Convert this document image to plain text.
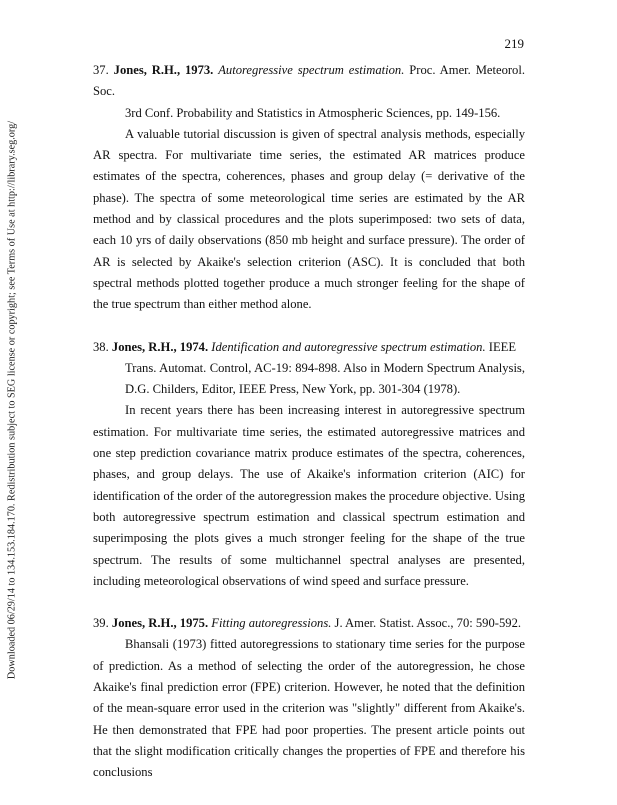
Downloaded 06/29/14 to 134.153.184.170. Redistribution subject to SEG license or copyright; see Terms of Use at http://library.seg.org/
219

37. Jones, R.H., 1973. Autoregressive spectrum estimation. Proc. Amer. Meteorol. Soc.

3rd Conf. Probability and Statistics in Atmospheric Sciences, pp. 149-156.

A valuable tutorial discussion is given of spectral analysis methods, especially AR spectra. For multivariate time series, the estimated AR matrices produce estimates of the spectra, coherences, phases and group delay (= derivative of the phase). The spectra of some meteorological time series are estimated by the AR method and by classical procedures and the plots superimposed: two sets of data, each 10 yrs of daily observations (850 mb height and surface pressure). The order of AR is selected by Akaike's selection criterion (ASC). It is concluded that both spectral methods plotted together produce a much stronger feeling for the shape of the true spectrum than either method alone.

38. Jones, R.H., 1974. Identification and autoregressive spectrum estimation. IEEE

Trans. Automat. Control, AC-19: 894-898. Also in Modern Spectrum Analysis, D.G. Childers, Editor, IEEE Press, New York, pp. 301-304 (1978).

In recent years there has been increasing interest in autoregressive spectrum estimation. For multivariate time series, the estimated autoregressive matrices and one step prediction covariance matrix produce estimates of the spectra, coherences, phases, and group delays. The use of Akaike's information criterion (AIC) for identification of the order of the autoregression makes the procedure objective. Using both autoregressive spectrum estimation and classical spectrum estimation and superimposing the plots gives a much stronger feeling for the shape of the true spectrum. The results of some multichannel spectral analyses are presented, including meteorological observations of wind speed and surface pressure.

39. Jones, R.H., 1975. Fitting autoregressions. J. Amer. Statist. Assoc., 70: 590-592.

Bhansali (1973) fitted autoregressions to stationary time series for the purpose of prediction. As a method of selecting the order of the autoregression, he chose Akaike's final prediction error (FPE) criterion. However, he noted that the definition of the mean-square error used in the criterion was "slightly" different from Akaike's. He then demonstrated that FPE had poor properties. The present article points out that the slight modification critically changes the properties of FPE and therefore his conclusions
